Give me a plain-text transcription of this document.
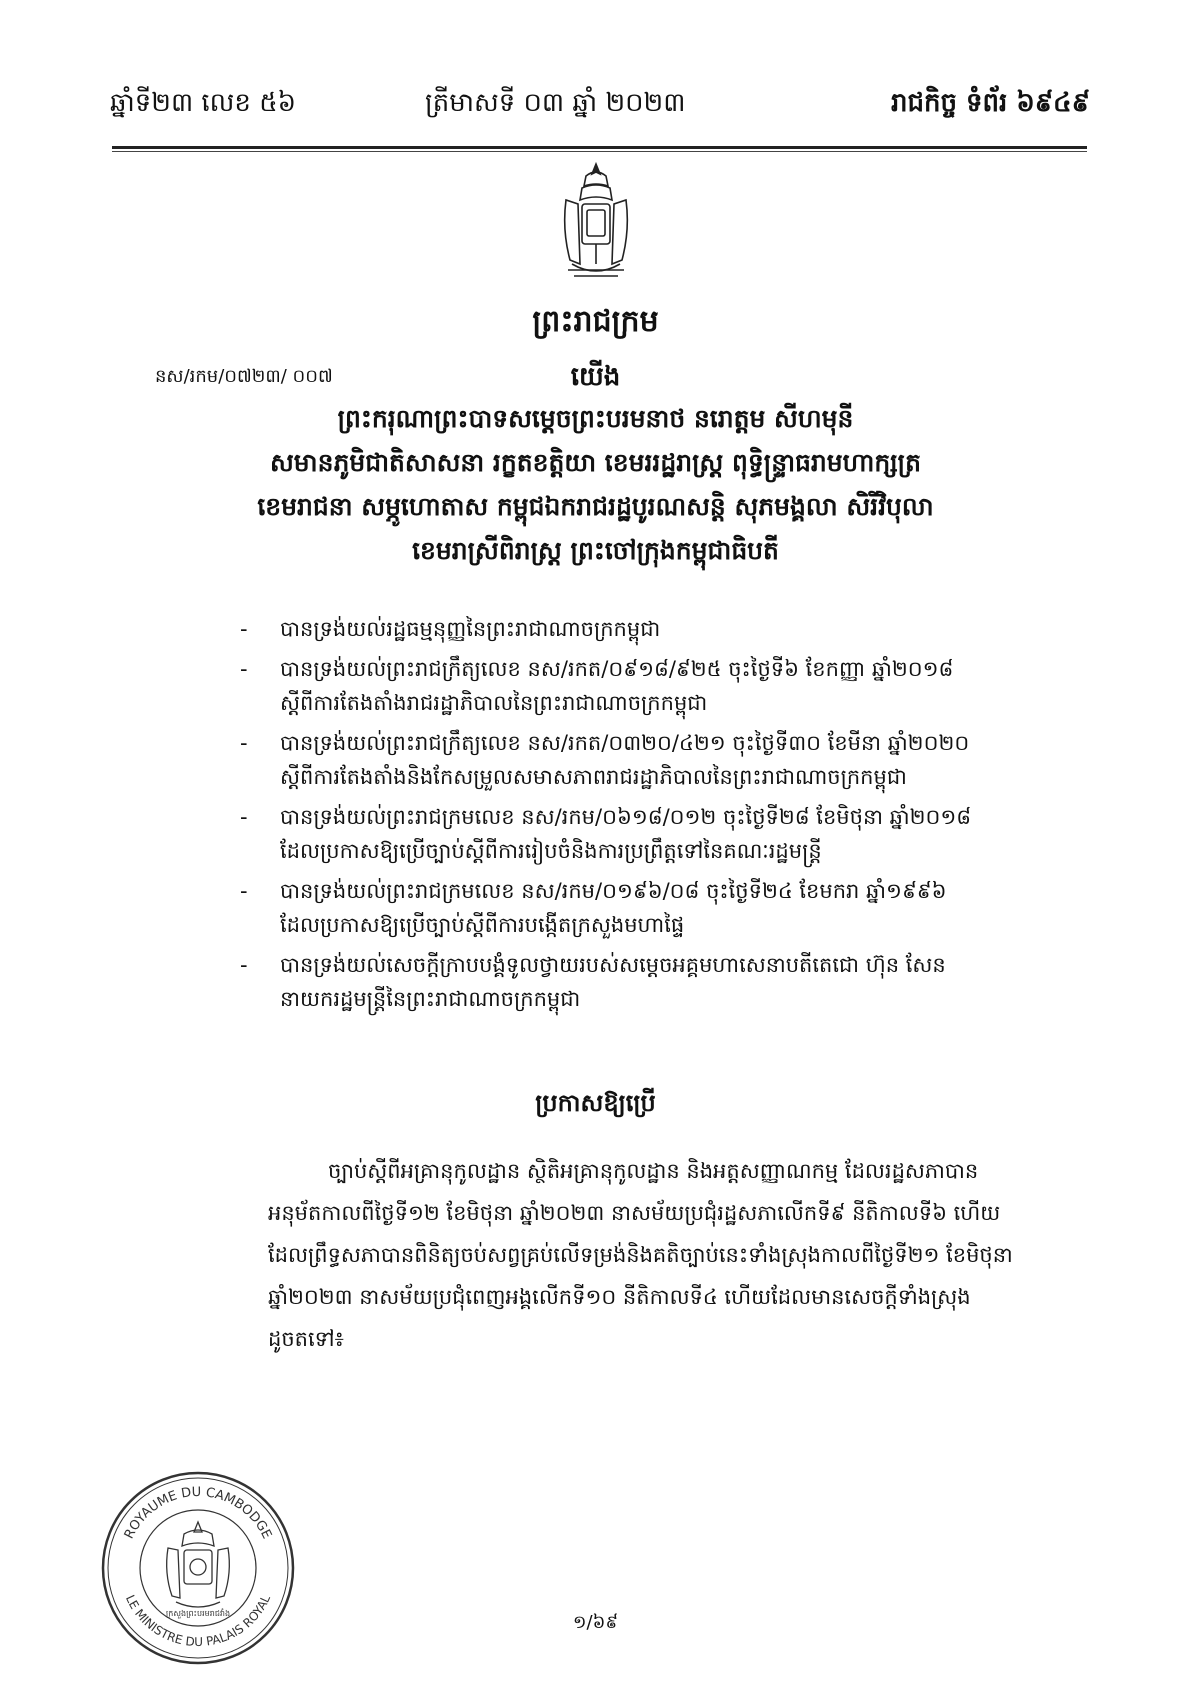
ឆ្នាំទី២៣ លេខ ៥៦	ត្រីមាសទី ០៣ ឆ្នាំ ២០២៣	រាជកិច្ច ទំព័រ ៦៩៤៩
ព្រះរាជក្រម
នស/រកម/០៧២៣/ ០០៧	យើង
ព្រះករុណាព្រះបាទសម្តេចព្រះបរមនាថ នរោត្តម សីហមុនី
សមានភូមិជាតិសាសនា រក្ខតខត្តិយា ខេមររដ្ឋរាស្ត្រ ពុទ្ធិន្ទ្រាធរាមហាក្សត្រ
ខេមរាជនា សម្ភូហោតាស កម្ពុជឯករាជរដ្ឋបូរណសន្តិ សុភមង្គលា សិរីវិបុលា
ខេមរាស្រីពិរាស្ត្រ ព្រះចៅក្រុងកម្ពុជាធិបតី
- បានទ្រង់យល់រដ្ឋធម្មនុញ្ញនៃព្រះរាជាណាចក្រកម្ពុជា
- បានទ្រង់យល់ព្រះរាជក្រឹត្យលេខ នស/រកត/០៩១៨/៩២៥ ចុះថ្ងៃទី៦ ខែកញ្ញា ឆ្នាំ២០១៨
ស្តីពីការតែងតាំងរាជរដ្ឋាភិបាលនៃព្រះរាជាណាចក្រកម្ពុជា
- បានទ្រង់យល់ព្រះរាជក្រឹត្យលេខ នស/រកត/០៣២០/៤២១ ចុះថ្ងៃទី៣០ ខែមីនា ឆ្នាំ២០២០
ស្តីពីការតែងតាំងនិងកែសម្រួលសមាសភាពរាជរដ្ឋាភិបាលនៃព្រះរាជាណាចក្រកម្ពុជា
- បានទ្រង់យល់ព្រះរាជក្រមលេខ នស/រកម/០៦១៨/០១២ ចុះថ្ងៃទី២៨ ខែមិថុនា ឆ្នាំ២០១៨
ដែលប្រកាសឱ្យប្រើច្បាប់ស្តីពីការរៀបចំនិងការប្រព្រឹត្តទៅនៃគណៈរដ្ឋមន្ត្រី
- បានទ្រង់យល់ព្រះរាជក្រមលេខ នស/រកម/០១៩៦/០៨ ចុះថ្ងៃទី២៤ ខែមករា ឆ្នាំ១៩៩៦
ដែលប្រកាសឱ្យប្រើច្បាប់ស្តីពីការបង្កើតក្រសួងមហាផ្ទៃ
- បានទ្រង់យល់សេចក្តីក្រាបបង្គំទូលថ្វាយរបស់សម្តេចអគ្គមហាសេនាបតីតេជោ ហ៊ុន សែន
នាយករដ្ឋមន្ត្រីនៃព្រះរាជាណាចក្រកម្ពុជា
ប្រកាសឱ្យប្រើ
ច្បាប់ស្តីពីអគ្រានុកូលដ្ឋាន ស្ថិតិអគ្រានុកូលដ្ឋាន និងអត្តសញ្ញាណកម្ម ដែលរដ្ឋសភាបាន
អនុម័តកាលពីថ្ងៃទី១២ ខែមិថុនា ឆ្នាំ២០២៣ នាសម័យប្រជុំរដ្ឋសភាលើកទី៩ នីតិកាលទី៦ ហើយ
ដែលព្រឹទ្ធសភាបានពិនិត្យចប់សព្វគ្រប់លើទម្រង់និងគតិច្បាប់នេះទាំងស្រុងកាលពីថ្ងៃទី២១ ខែមិថុនា
ឆ្នាំ២០២៣ នាសម័យប្រជុំពេញអង្គលើកទី១០ នីតិកាលទី៤ ហើយដែលមានសេចក្តីទាំងស្រុង
ដូចតទៅ៖
ROYAUME DU CAMBODGE
LE MINISTRE DU PALAIS ROYAL
ក្រសួងព្រះបរមរាជវាំង	១/៦៩
